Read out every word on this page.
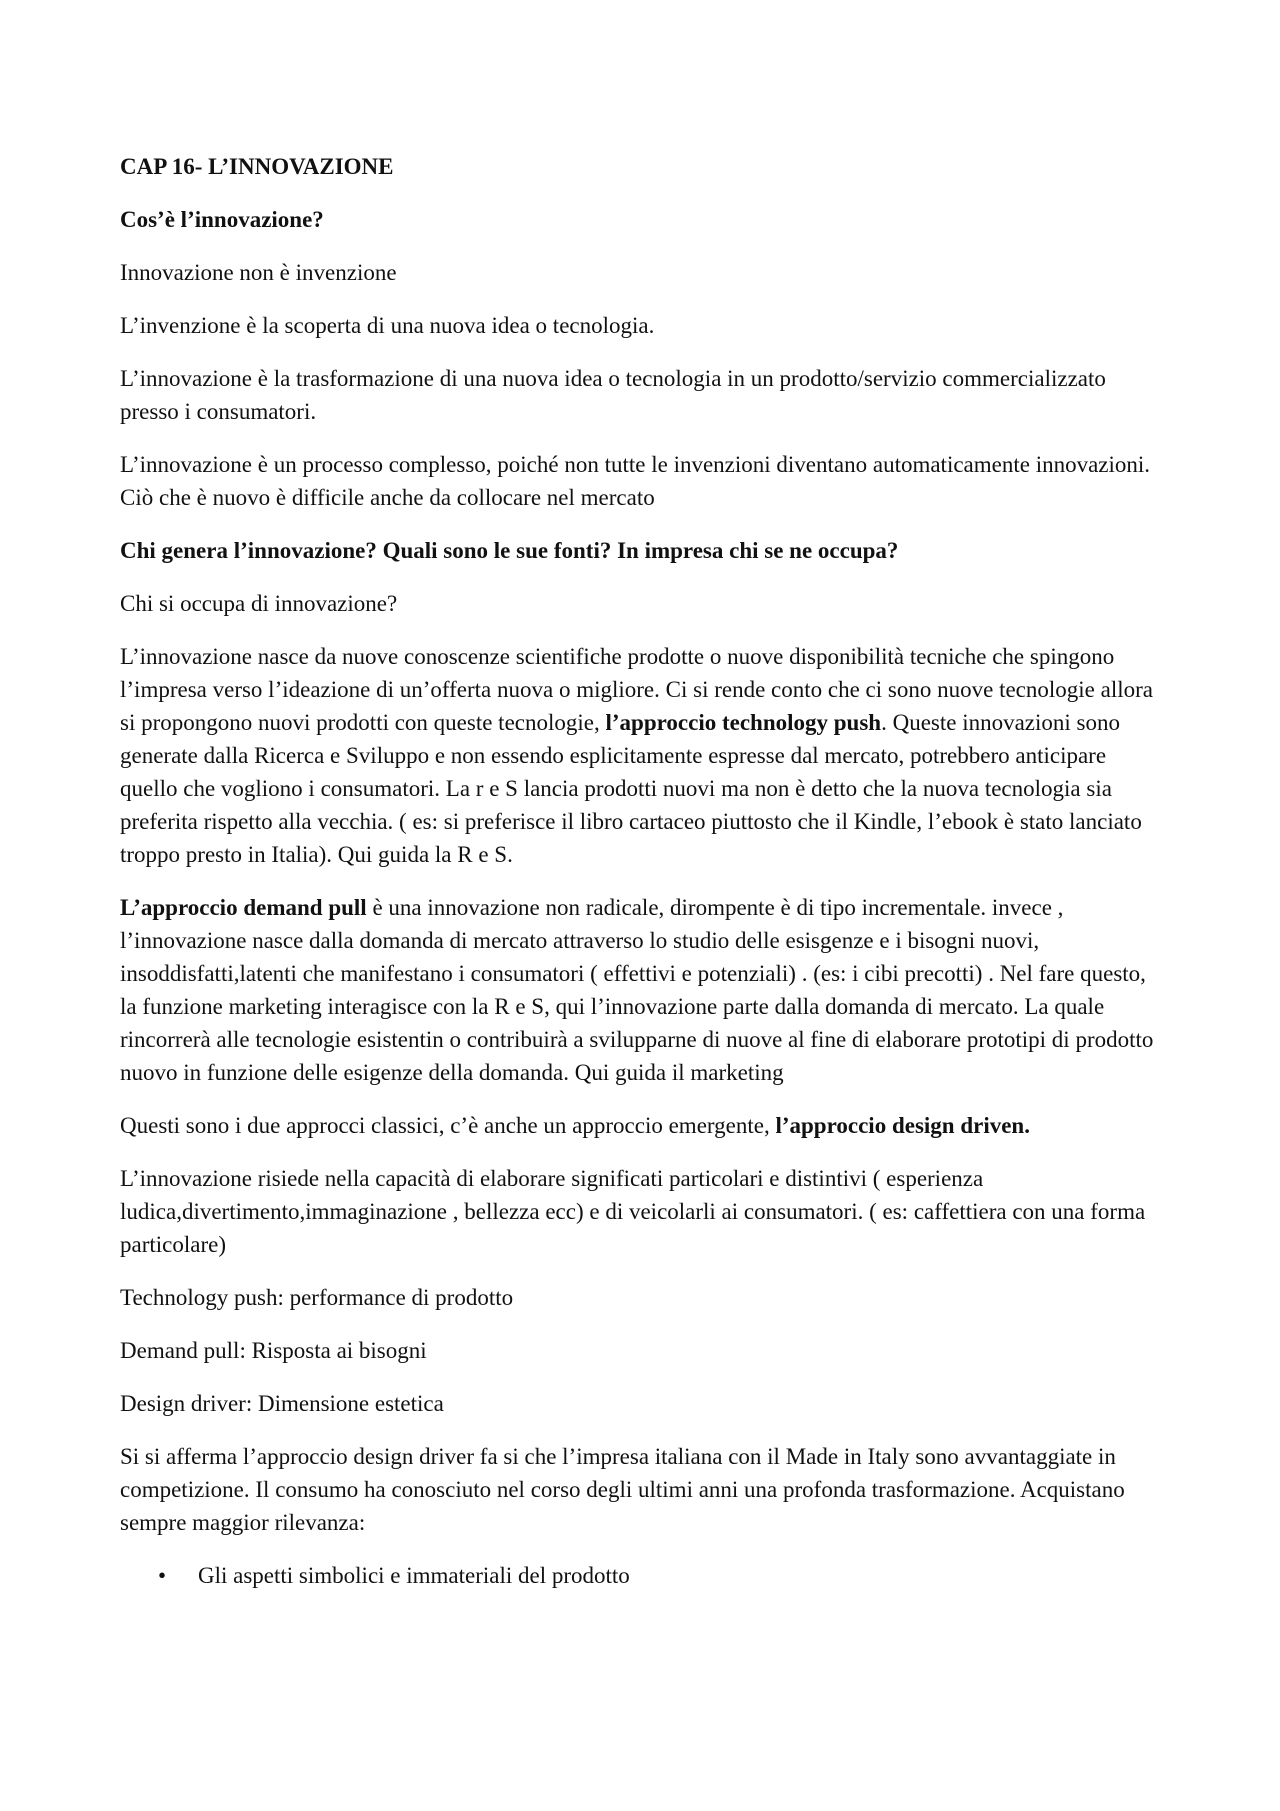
CAP 16- L’INNOVAZIONE

Cos’è l’innovazione?

Innovazione non è invenzione

L’invenzione è la scoperta di una nuova idea o tecnologia.

L’innovazione è la trasformazione di una nuova idea o tecnologia in un prodotto/servizio commercializzato presso i consumatori.

L’innovazione è un processo complesso, poiché non tutte le invenzioni diventano automaticamente innovazioni. Ciò che è nuovo è difficile anche da collocare nel mercato

Chi genera l’innovazione? Quali sono le sue fonti? In impresa chi se ne occupa?

Chi si occupa di innovazione?

L’innovazione nasce da nuove conoscenze scientifiche prodotte o nuove disponibilità tecniche che spingono l’impresa verso l’ideazione di un’offerta nuova o migliore. Ci si rende conto che ci sono nuove tecnologie allora si propongono nuovi prodotti con queste tecnologie, l’approccio technology push. Queste innovazioni sono generate dalla Ricerca e Sviluppo e non essendo esplicitamente espresse dal mercato, potrebbero anticipare quello che vogliono i consumatori. La r e S lancia prodotti nuovi ma non è detto che la nuova tecnologia sia preferita rispetto alla vecchia. ( es: si preferisce il libro cartaceo piuttosto che il Kindle, l’ebook è stato lanciato troppo presto in Italia). Qui guida la R e S.

L’approccio demand pull è una innovazione non radicale, dirompente è di tipo incrementale. invece , l’innovazione nasce dalla domanda di mercato attraverso lo studio delle esisgenze e i bisogni nuovi, insoddisfatti,latenti che manifestano i consumatori ( effettivi e potenziali) . (es: i cibi precotti) . Nel fare questo, la funzione marketing interagisce con la R e S, qui l’innovazione parte dalla domanda di mercato. La quale rincorrerà alle tecnologie esistentin o contribuirà a svilupparne di nuove al fine di elaborare prototipi di prodotto nuovo in funzione delle esigenze della domanda. Qui guida il marketing

Questi sono i due approcci classici, c’è anche un approccio emergente, l’approccio design driven.

L’innovazione risiede nella capacità di elaborare significati particolari e distintivi ( esperienza ludica,divertimento,immaginazione , bellezza ecc) e di veicolarli ai consumatori. ( es: caffettiera con una forma particolare)

Technology push: performance di prodotto

Demand pull: Risposta ai bisogni

Design driver: Dimensione estetica

Si si afferma l’approccio design driver fa si che l’impresa italiana con il Made in Italy sono avvantaggiate in competizione. Il consumo ha conosciuto nel corso degli ultimi anni una profonda trasformazione. Acquistano sempre maggior rilevanza:

•	Gli aspetti simbolici e immateriali del prodotto
